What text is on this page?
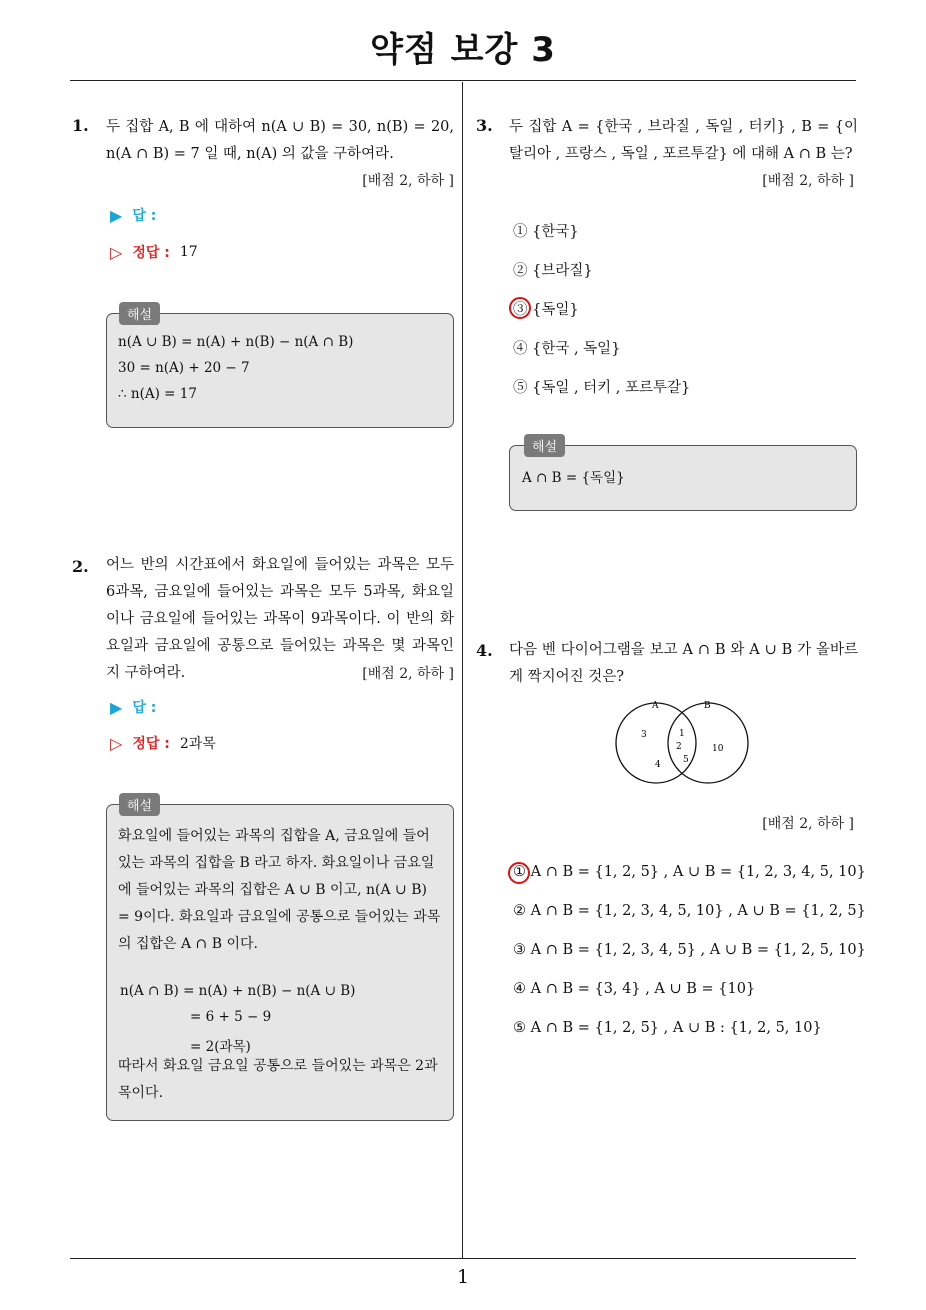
약점 보강 3
1. 두 집합 A, B 에 대하여 n(A ∪ B) = 30, n(B) = 20, n(A ∩ B) = 7 일 때, n(A) 의 값을 구하여라.
[배점 2, 하하 ]
▶ 답 :
▷ 정답 : 17
n(A ∪ B) = n(A) + n(B) − n(A ∩ B)
30 = n(A) + 20 − 7
∴ n(A) = 17
해설
2. 어느 반의 시간표에서 화요일에 들어있는 과목은 모두 6과목, 금요일에 들어있는 과목은 모두 5과목, 화요일이나 금요일에 들어있는 과목이 9과목이다. 이 반의 화요일과 금요일에 공통으로 들어있는 과목은 몇 과목인지 구하여라.	[배점 2, 하하 ]
▶ 답 :
▷ 정답 : 2과목
화요일에 들어있는 과목의 집합을 A, 금요일에 들어있는 과목의 집합을 B 라고 하자. 화요일이나 금요일에 들어있는 과목의 집합은 A ∪ B 이고, n(A ∪ B) = 9이다. 화요일과 금요일에 공통으로 들어있는 과목의 집합은 A ∩ B 이다.
n(A ∩ B) = n(A) + n(B) − n(A ∪ B)
= 6 + 5 − 9
= 2(과목)
따라서 화요일 금요일 공통으로 들어있는 과목은 2과목이다.
해설
3. 두 집합 A = {한국 , 브라질 , 독일 , 터키} , B = {이탈리아 , 프랑스 , 독일 , 포르투갈} 에 대해 A ∩ B 는?
[배점 2, 하하 ]
① {한국}
② {브라질}
③ {독일}
④ {한국 , 독일}
⑤ {독일 , 터키 , 포르투갈}
A ∩ B = {독일}
해설
4. 다음 벤 다이어그램을 보고 A ∩ B 와 A ∪ B 가 올바르게 짝지어진 것은?
A	B
3
4
1
2
5
10
[배점 2, 하하 ]
① A ∩ B = {1, 2, 5} , A ∪ B = {1, 2, 3, 4, 5, 10}
② A ∩ B = {1, 2, 3, 4, 5, 10} , A ∪ B = {1, 2, 5}
③ A ∩ B = {1, 2, 3, 4, 5} , A ∪ B = {1, 2, 5, 10}
④ A ∩ B = {3, 4} , A ∪ B = {10}
⑤ A ∩ B = {1, 2, 5} , A ∪ B : {1, 2, 5, 10}
1
